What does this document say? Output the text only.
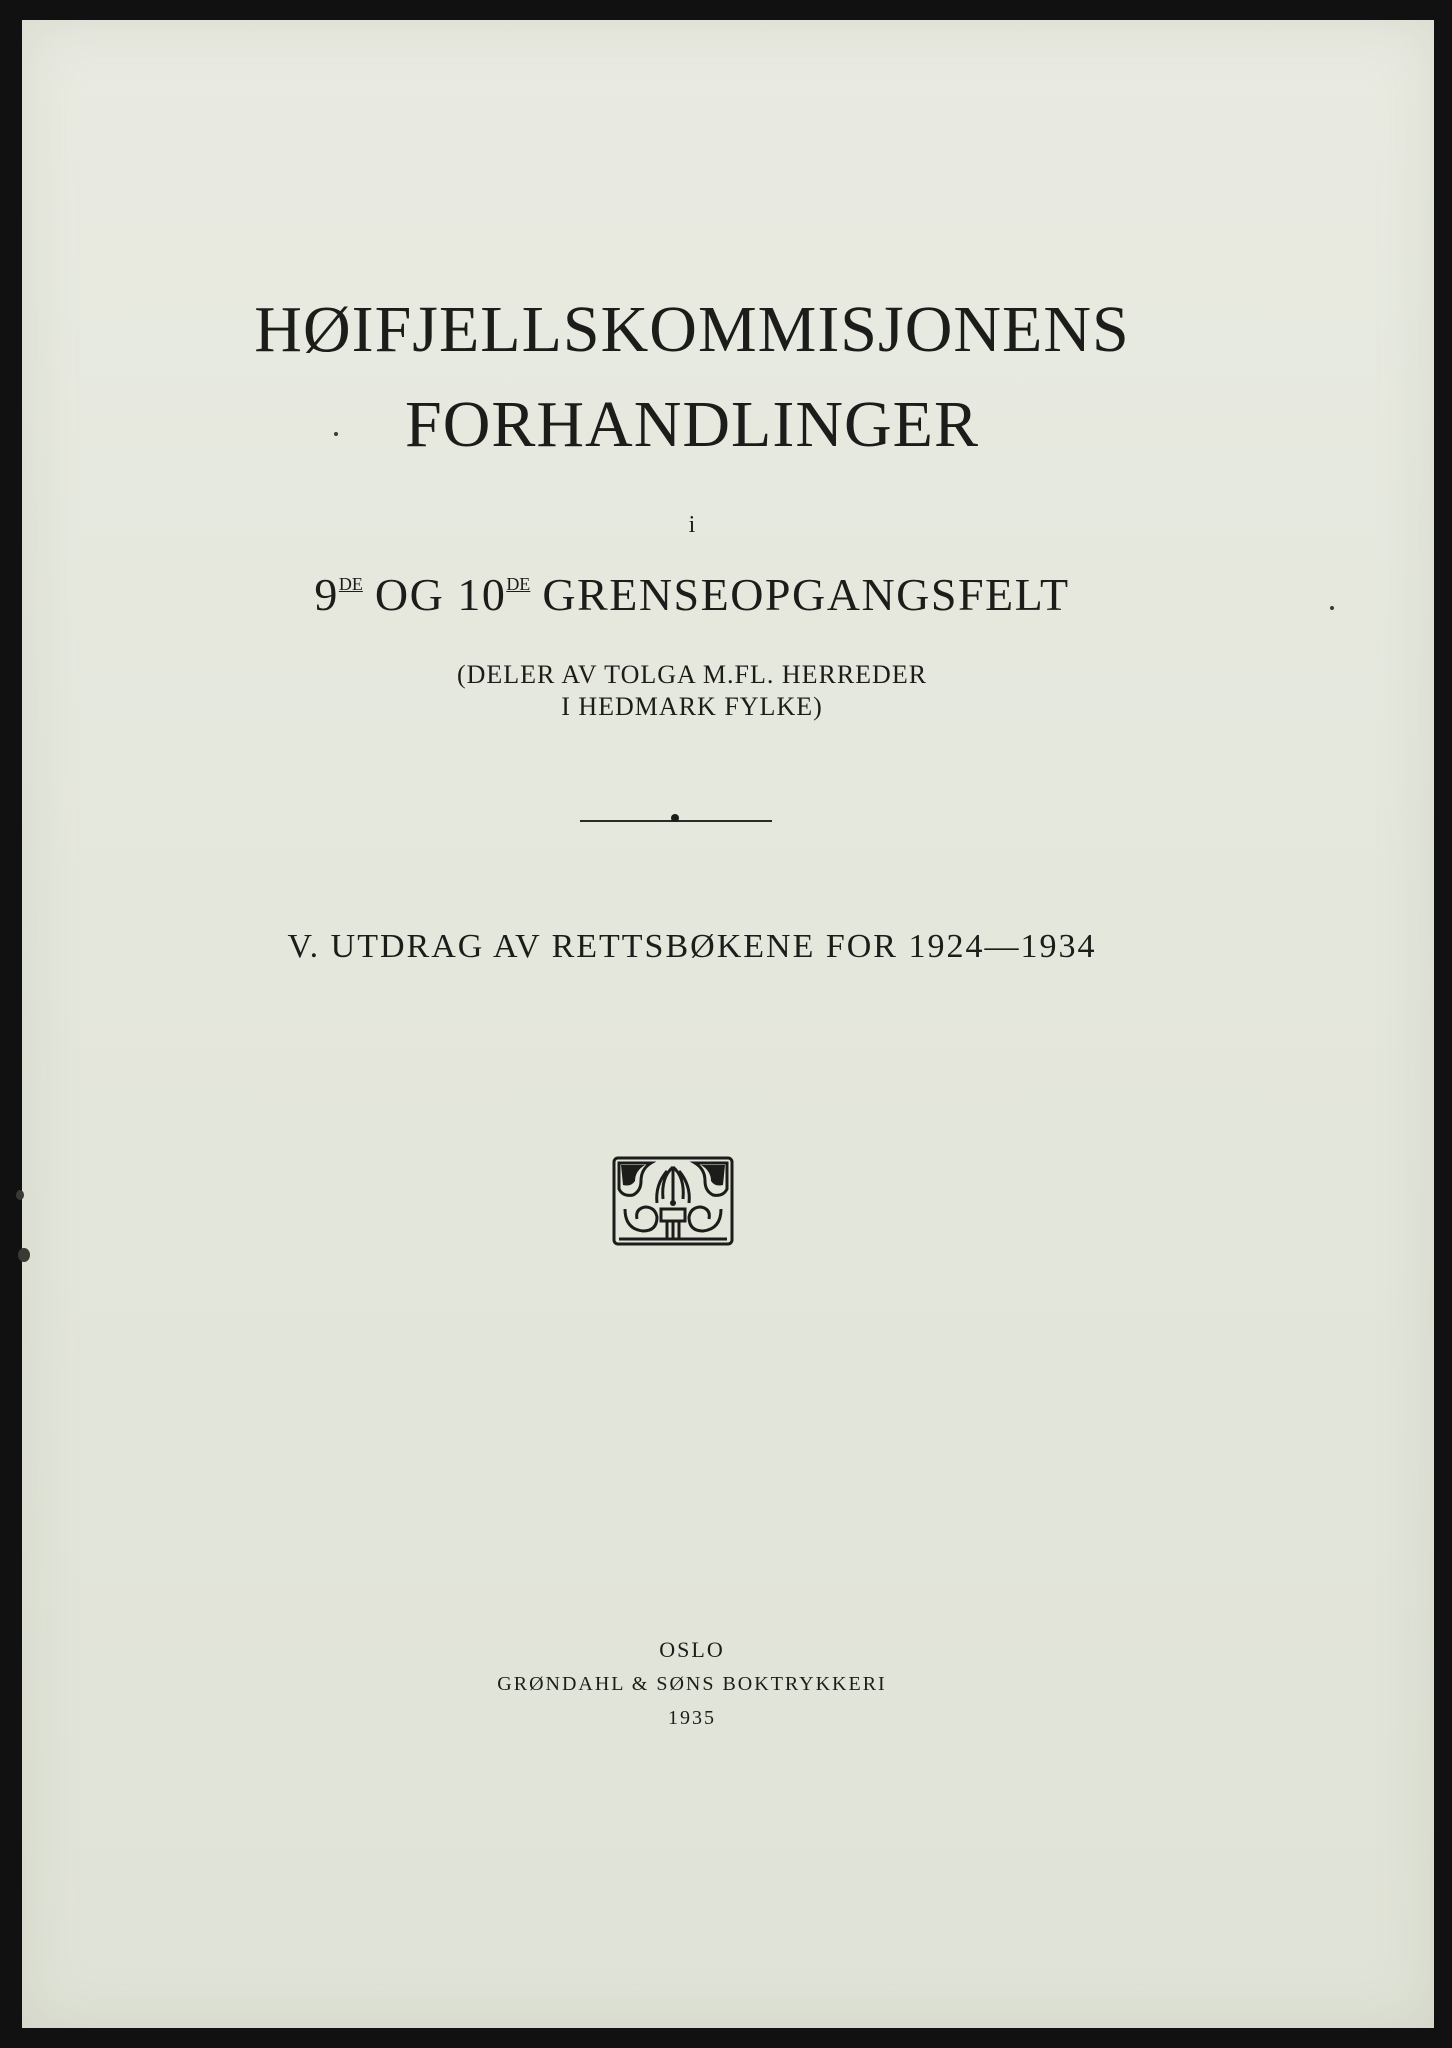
HØIFJELLSKOMMISJONENS
FORHANDLINGER
i
9DE OG 10DE GRENSEOPGANGSFELT
(DELER AV TOLGA M.FL. HERREDER
I HEDMARK FYLKE)
V. UTDRAG AV RETTSBØKENE FOR 1924—1934
OSLO
GRØNDAHL & SØNS BOKTRYKKERI
1935
